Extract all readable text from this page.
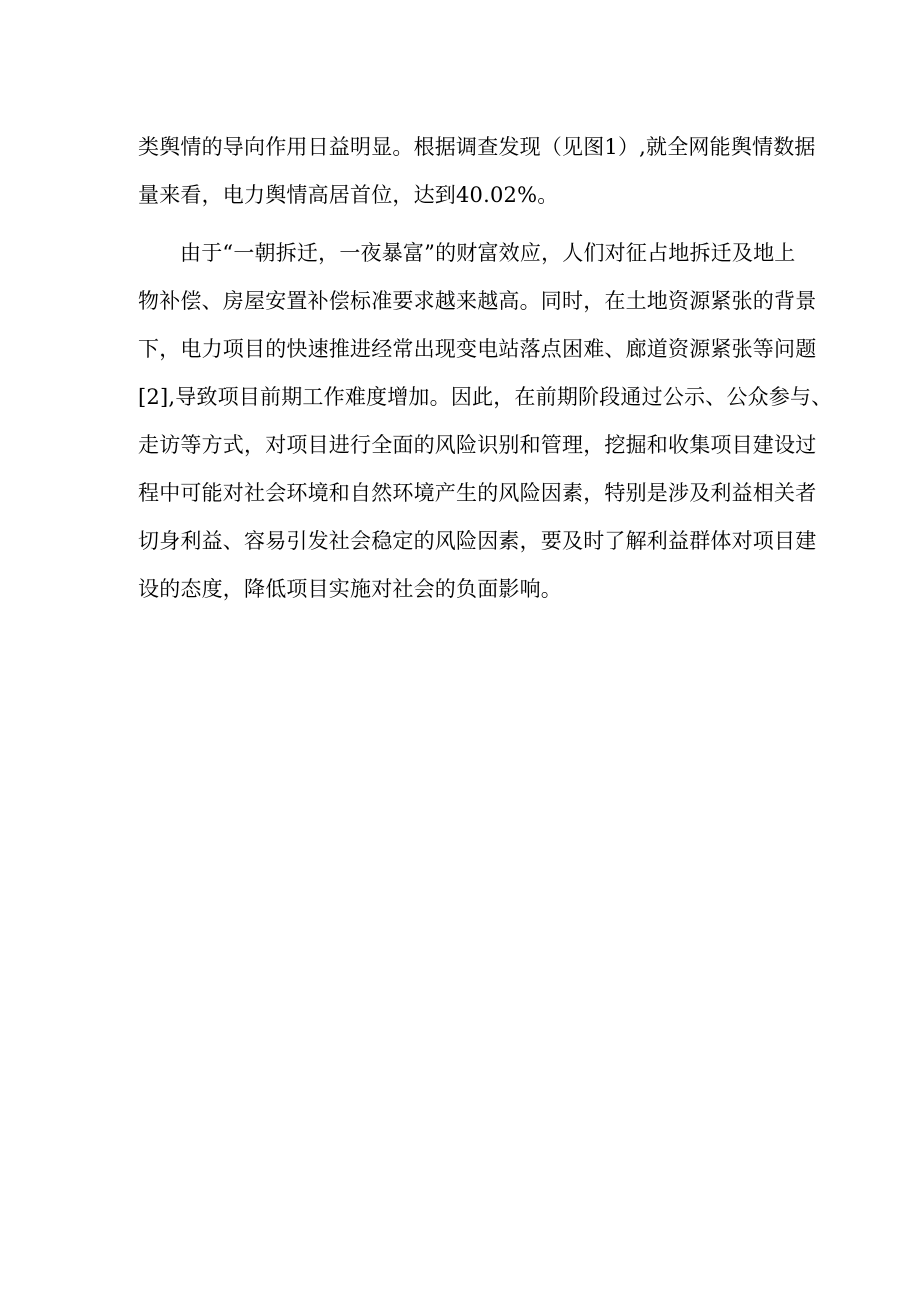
类舆情的导向作用日益明显。根据调查发现（见图1）,就全网能舆情数据
量来看，电力舆情高居首位，达到40.02%。
由于“一朝拆迁，一夜暴富”的财富效应，人们对征占地拆迁及地上
物补偿、房屋安置补偿标准要求越来越高。同时，在土地资源紧张的背景
下，电力项目的快速推进经常出现变电站落点困难、廊道资源紧张等问题
[2],导致项目前期工作难度增加。因此，在前期阶段通过公示、公众参与、
走访等方式，对项目进行全面的风险识别和管理，挖掘和收集项目建设过
程中可能对社会环境和自然环境产生的风险因素，特别是涉及利益相关者
切身利益、容易引发社会稳定的风险因素，要及时了解利益群体对项目建
设的态度，降低项目实施对社会的负面影响。
